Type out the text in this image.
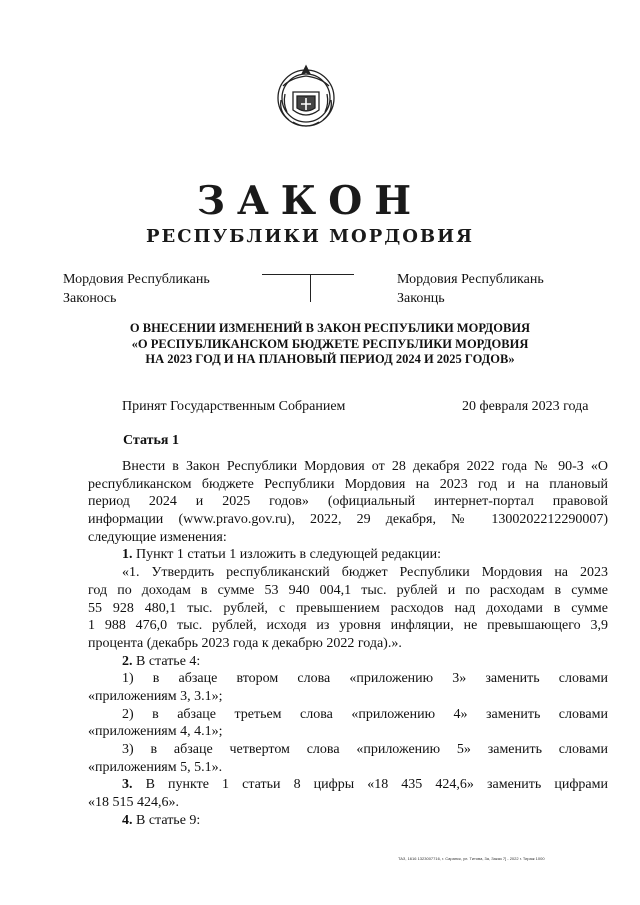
ЗАКОН
РЕСПУБЛИКИ МОРДОВИЯ
Мордовия Республикань
Законоcь
Мордовия Республикань
Законць
О ВНЕСЕНИИ ИЗМЕНЕНИЙ В ЗАКОН РЕСПУБЛИКИ МОРДОВИЯ
«О РЕСПУБЛИКАНСКОМ БЮДЖЕТЕ РЕСПУБЛИКИ МОРДОВИЯ
НА 2023 ГОД И НА ПЛАНОВЫЙ ПЕРИОД 2024 И 2025 ГОДОВ»
Принят Государственным Собранием	20 февраля 2023 года
Статья 1
Внести в Закон Республики Мордовия от 28 декабря 2022 года № 90-З «О
республиканском бюджете Республики Мордовия на 2023 год и на плановый
период 2024 и 2025 годов» (официальный интернет-портал правовой
информации (www.pravo.gov.ru), 2022, 29 декабря, № 1300202212290007)
следующие изменения:
1. Пункт 1 статьи 1 изложить в следующей редакции:
«1. Утвердить республиканский бюджет Республики Мордовия на 2023
год по доходам в сумме 53 940 004,1 тыс. рублей и по расходам в сумме
55 928 480,1 тыс. рублей, с превышением расходов над доходами в сумме
1 988 476,0 тыс. рублей, исходя из уровня инфляции, не превышающего 3,9
процента (декабрь 2023 года к декабрю 2022 года).».
2. В статье 4:
1) в абзаце втором слова «приложению 3» заменить словами
«приложениям 3, 3.1»;
2) в абзаце третьем слова «приложению 4» заменить словами
«приложениям 4, 4.1»;
3) в абзаце четвертом слова «приложению 5» заменить словами
«приложениям 5, 5.1».
3. В пункте 1 статьи 8 цифры «18 435 424,6» заменить цифрами
«18 515 424,6».
4. В статье 9:
ТАЗ, 1616 1323007716, г. Саранск, ул. Титова, 3а, Заказ 7] - 2022 г. Тираж 1000
